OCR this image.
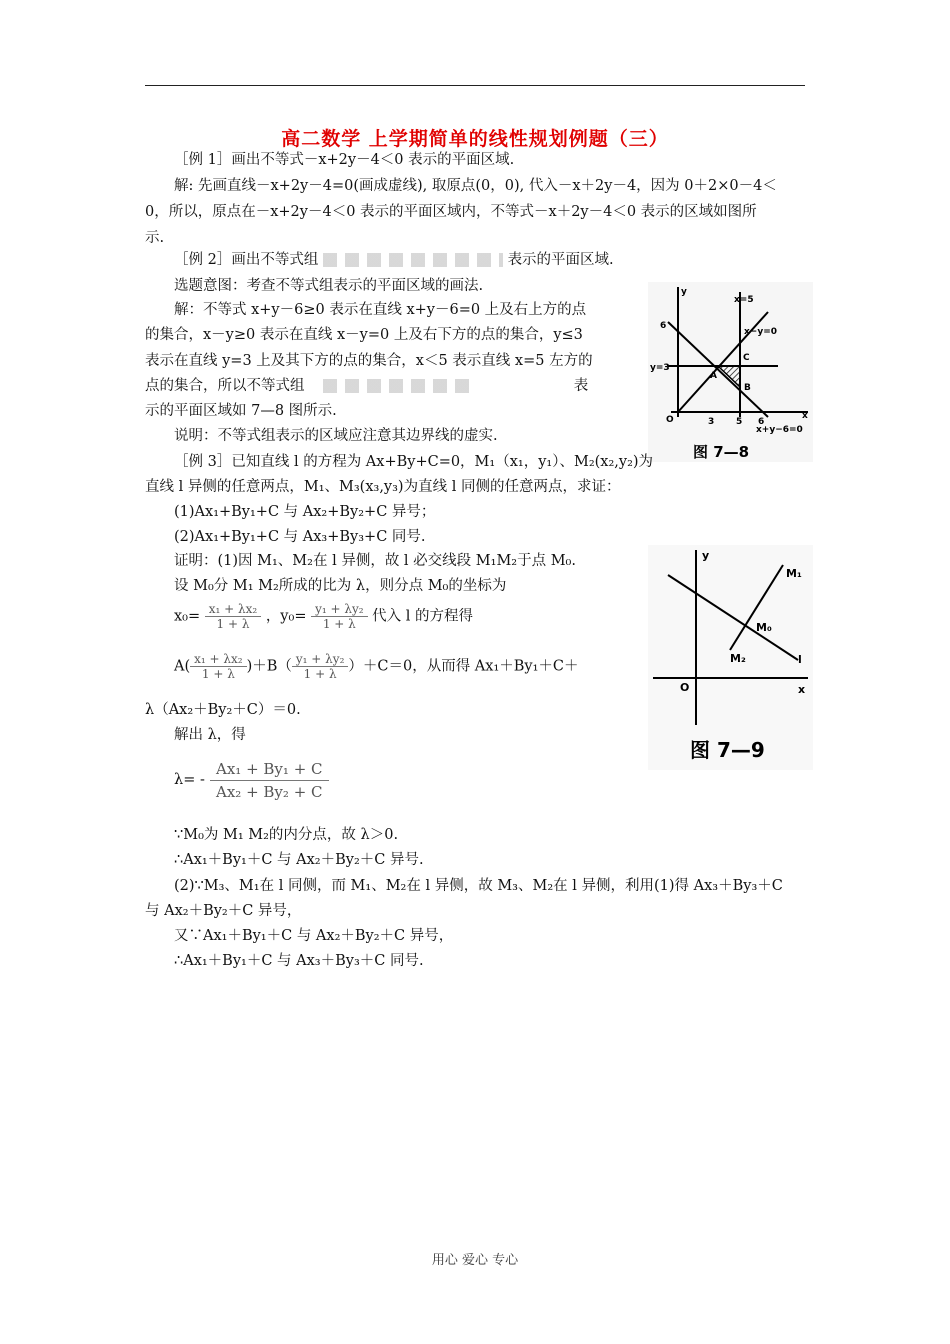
高二数学 上学期简单的线性规划例题（三）
［例 1］画出不等式－x+2y－4＜0 表示的平面区域.
解: 先画直线－x+2y－4=0(画成虚线), 取原点(0，0), 代入－x＋2y－4，因为 0＋2×0－4＜
0，所以，原点在－x+2y－4＜0 表示的平面区域内，不等式－x＋2y－4＜0 表示的区域如图所
示.
［例 2］画出不等式组	表示的平面区域.
选题意图：考查不等式组表示的平面区域的画法.
解：不等式 x+y－6≥0 表示在直线 x+y－6=0 上及右上方的点
的集合，x－y≥0 表示在直线 x－y=0 上及右下方的点的集合，y≤3
表示在直线 y=3 上及其下方的点的集合，x＜5 表示直线 x=5 左方的
点的集合，所以不等式组	表
示的平面区域如 7—8 图所示.
说明：不等式组表示的区域应注意其边界线的虚实.
y
x=5
6
x−y=0
C
y=3
A
B
O	3 5 6
x
x+y−6=0
图 7—8
［例 3］已知直线 l 的方程为 Ax+By+C=0，M₁（x₁，y₁）、M₂(x₂,y₂)为
直线 l 异侧的任意两点，M₁、M₃(x₃,y₃)为直线 l 同侧的任意两点，求证：
(1)Ax₁+By₁+C 与 Ax₂+By₂+C 异号；
(2)Ax₁+By₁+C 与 Ax₃+By₃+C 同号.
证明：(1)因 M₁、M₂在 l 异侧，故 l 必交线段 M₁M₂于点 M₀.
设 M₀分 M₁ M₂所成的比为 λ，则分点 M₀的坐标为
$x_0= \frac{\text{x₁ + λx₂}}{1 + \lambda}$ ，$y_0= \frac{\text{y₁ + λy₂}}{1 + \lambda}$ 代入 l 的方程得
$A( \frac{\text{x₁ + λx₂}}{1 + \lambda} )+B( \frac{\text{y₁ + λy₂}}{1 + \lambda} )+C=0$，从而得 Ax₁＋By₁＋C＋
λ（Ax₂＋By₂＋C）＝0.
解出 λ，得
$\lambda= - \frac{\text{Ax₁ + By₁ + C}}{\text{Ax₂ + By₂ + C}}$
∵M₀为 M₁ M₂的内分点，故 λ＞0.
∴Ax₁＋By₁＋C 与 Ax₂＋By₂＋C 异号.
(2)∵M₃、M₁在 l 同侧，而 M₁、M₂在 l 异侧，故 M₃、M₂在 l 异侧，利用(1)得 Ax₃＋By₃＋C
与 Ax₂＋By₂＋C 异号，
又∵Ax₁＋By₁＋C 与 Ax₂＋By₂＋C 异号，
∴Ax₁＋By₁＋C 与 Ax₃＋By₃＋C 同号.
y
M₁
M₀
M₂	l
O	x
图 7—9
用心 爱心 专心
